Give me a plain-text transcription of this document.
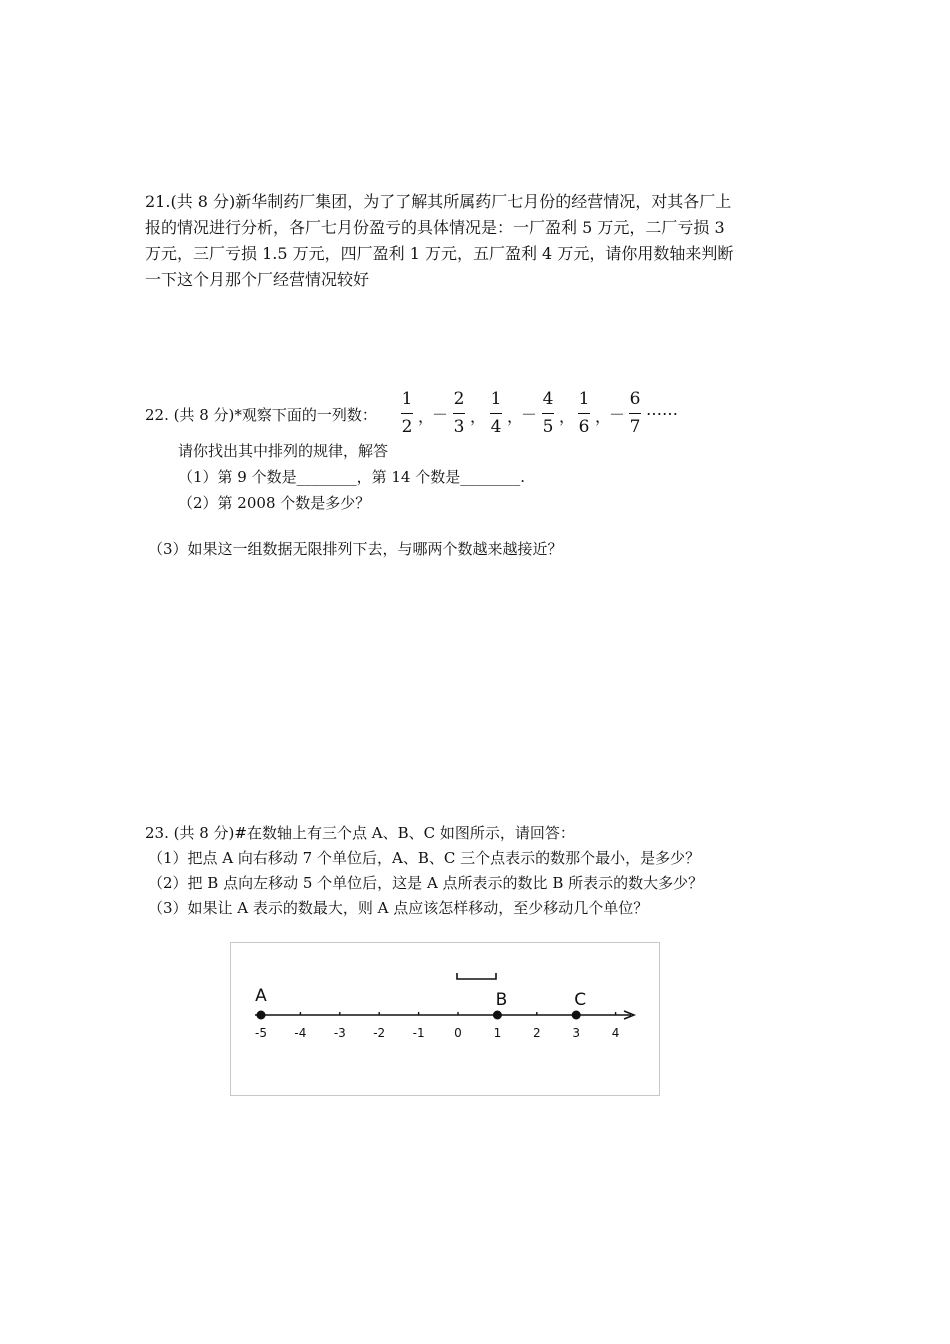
21.(共 8 分)新华制药厂集团，为了了解其所属药厂七月份的经营情况，对其各厂上
报的情况进行分析，各厂七月份盈亏的具体情况是：一厂盈利 5 万元，二厂亏损 3
万元，三厂亏损 1.5 万元，四厂盈利 1 万元，五厂盈利 4 万元，请你用数轴来判断
一下这个月那个厂经营情况较好
22. (共 8 分)*观察下面的一列数：
1
2
，
－
2
3
，
1
4
，
－
4
5
，
1
6
，
－
6
7
……
请你找出其中排列的规律，解答
（1）第 9 个数是________，第 14 个数是________.
（2）第 2008 个数是多少？
（3）如果这一组数据无限排列下去，与哪两个数越来越接近？
23. (共 8 分)#在数轴上有三个点 A、B、C 如图所示，请回答：
（1）把点 A 向右移动 7 个单位后，A、B、C 三个点表示的数那个最小，是多少？
（2）把 B 点向左移动 5 个单位后，这是 A 点所表示的数比 B 所表示的数大多少？
（3）如果让 A 表示的数最大，则 A 点应该怎样移动，至少移动几个单位？
-5 -4 -3 -2 -1 0	1	2	3	4
A	B	C
